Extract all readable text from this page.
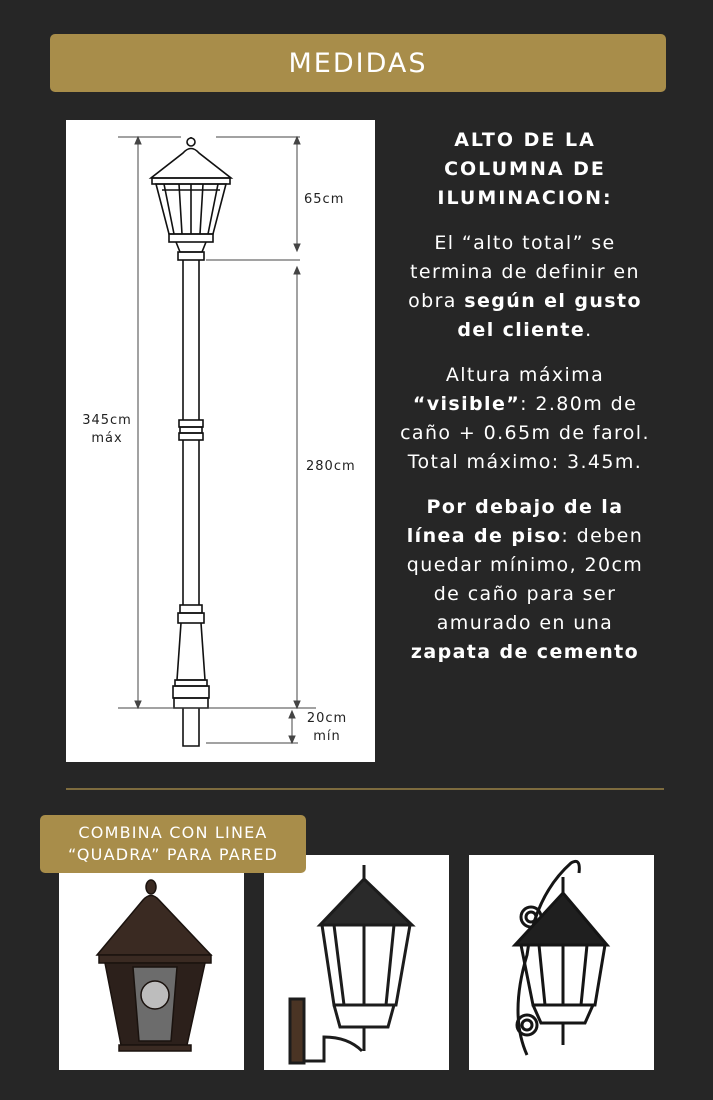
MEDIDAS
65cm
345cm
máx
280cm
20cm
mín
ALTO DE LA COLUMNA DE ILUMINACION:

El “alto total” se termina de definir en obra según el gusto del cliente.

Altura máxima “visible”: 2.80m de caño + 0.65m de farol.
Total máximo: 3.45m.

Por debajo de la línea de piso: deben quedar mínimo, 20cm de caño para ser amurado en una zapata de cemento

COMBINA CON LINEA
“QUADRA” PARA PARED
